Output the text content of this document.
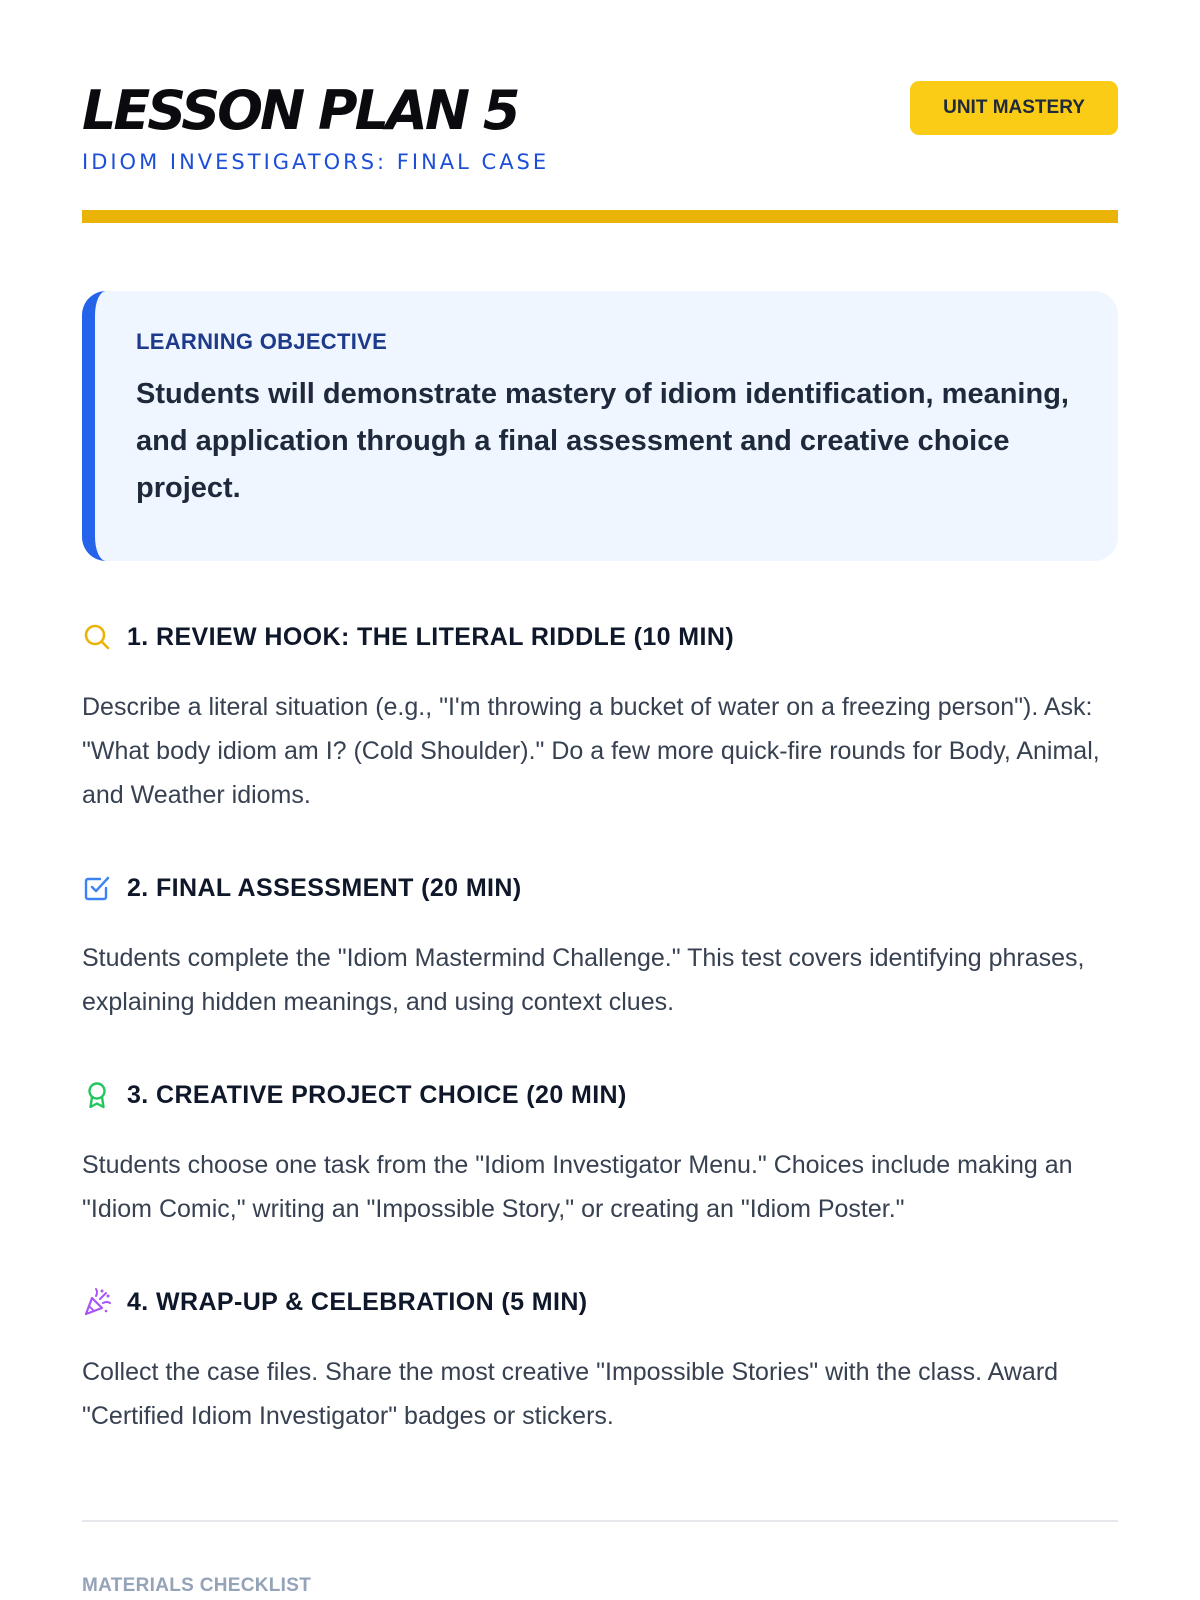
LESSON PLAN 5
IDIOM INVESTIGATORS: FINAL CASE
UNIT MASTERY
LEARNING OBJECTIVE

Students will demonstrate mastery of idiom identification, meaning, and application through a final assessment and creative choice project.

1. REVIEW HOOK: THE LITERAL RIDDLE (10 MIN)

Describe a literal situation (e.g., "I'm throwing a bucket of water on a freezing person"). Ask: "What body idiom am I? (Cold Shoulder)." Do a few more quick-fire rounds for Body, Animal, and Weather idioms.

2. FINAL ASSESSMENT (20 MIN)

Students complete the "Idiom Mastermind Challenge." This test covers identifying phrases, explaining hidden meanings, and using context clues.

3. CREATIVE PROJECT CHOICE (20 MIN)

Students choose one task from the "Idiom Investigator Menu." Choices include making an "Idiom Comic," writing an "Impossible Story," or creating an "Idiom Poster."

4. WRAP-UP & CELEBRATION (5 MIN)

Collect the case files. Share the most creative "Impossible Stories" with the class. Award "Certified Idiom Investigator" badges or stickers.

MATERIALS CHECKLIST
